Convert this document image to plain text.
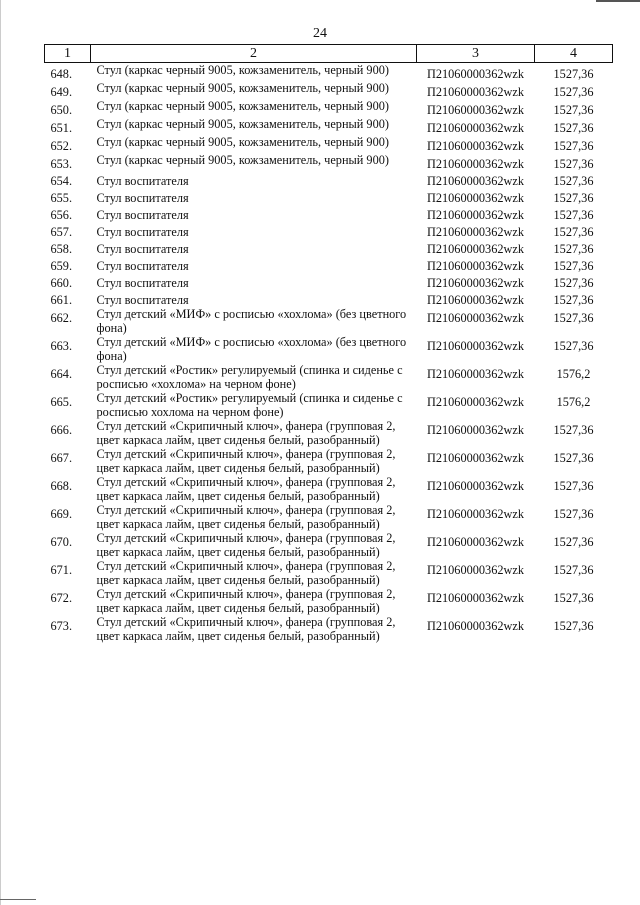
24
1	2	3	4
648.	Стул (каркас черный 9005, кожзаменитель, черный 900)	П21060000362wzk	1527,36
649.	Стул (каркас черный 9005, кожзаменитель, черный 900)	П21060000362wzk	1527,36
650.	Стул (каркас черный 9005, кожзаменитель, черный 900)	П21060000362wzk	1527,36
651.	Стул (каркас черный 9005, кожзаменитель, черный 900)	П21060000362wzk	1527,36
652.	Стул (каркас черный 9005, кожзаменитель, черный 900)	П21060000362wzk	1527,36
653.	Стул (каркас черный 9005, кожзаменитель, черный 900)	П21060000362wzk	1527,36
654.	Стул воспитателя	П21060000362wzk	1527,36
655.	Стул воспитателя	П21060000362wzk	1527,36
656.	Стул воспитателя	П21060000362wzk	1527,36
657.	Стул воспитателя	П21060000362wzk	1527,36
658.	Стул воспитателя	П21060000362wzk	1527,36
659.	Стул воспитателя	П21060000362wzk	1527,36
660.	Стул воспитателя	П21060000362wzk	1527,36
661.	Стул воспитателя	П21060000362wzk	1527,36
662.	Стул детский «МИФ» с росписью «хохлома» (без цветного фона)	П21060000362wzk	1527,36
663.	Стул детский «МИФ» с росписью «хохлома» (без цветного фона)	П21060000362wzk	1527,36
664.	Стул детский «Ростик» регулируемый (спинка и сиденье с росписью «хохлома» на черном фоне)	П21060000362wzk	1576,2
665.	Стул детский «Ростик» регулируемый (спинка и сиденье с росписью хохлома на черном фоне)	П21060000362wzk	1576,2
666.	Стул детский «Скрипичный ключ», фанера (групповая 2, цвет каркаса лайм, цвет сиденья белый, разобранный)	П21060000362wzk	1527,36
667.	Стул детский «Скрипичный ключ», фанера (групповая 2, цвет каркаса лайм, цвет сиденья белый, разобранный)	П21060000362wzk	1527,36
668.	Стул детский «Скрипичный ключ», фанера (групповая 2, цвет каркаса лайм, цвет сиденья белый, разобранный)	П21060000362wzk	1527,36
669.	Стул детский «Скрипичный ключ», фанера (групповая 2, цвет каркаса лайм, цвет сиденья белый, разобранный)	П21060000362wzk	1527,36
670.	Стул детский «Скрипичный ключ», фанера (групповая 2, цвет каркаса лайм, цвет сиденья белый, разобранный)	П21060000362wzk	1527,36
671.	Стул детский «Скрипичный ключ», фанера (групповая 2, цвет каркаса лайм, цвет сиденья белый, разобранный)	П21060000362wzk	1527,36
672.	Стул детский «Скрипичный ключ», фанера (групповая 2, цвет каркаса лайм, цвет сиденья белый, разобранный)	П21060000362wzk	1527,36
673.	Стул детский «Скрипичный ключ», фанера (групповая 2, цвет каркаса лайм, цвет сиденья белый, разобранный)	П21060000362wzk	1527,36
